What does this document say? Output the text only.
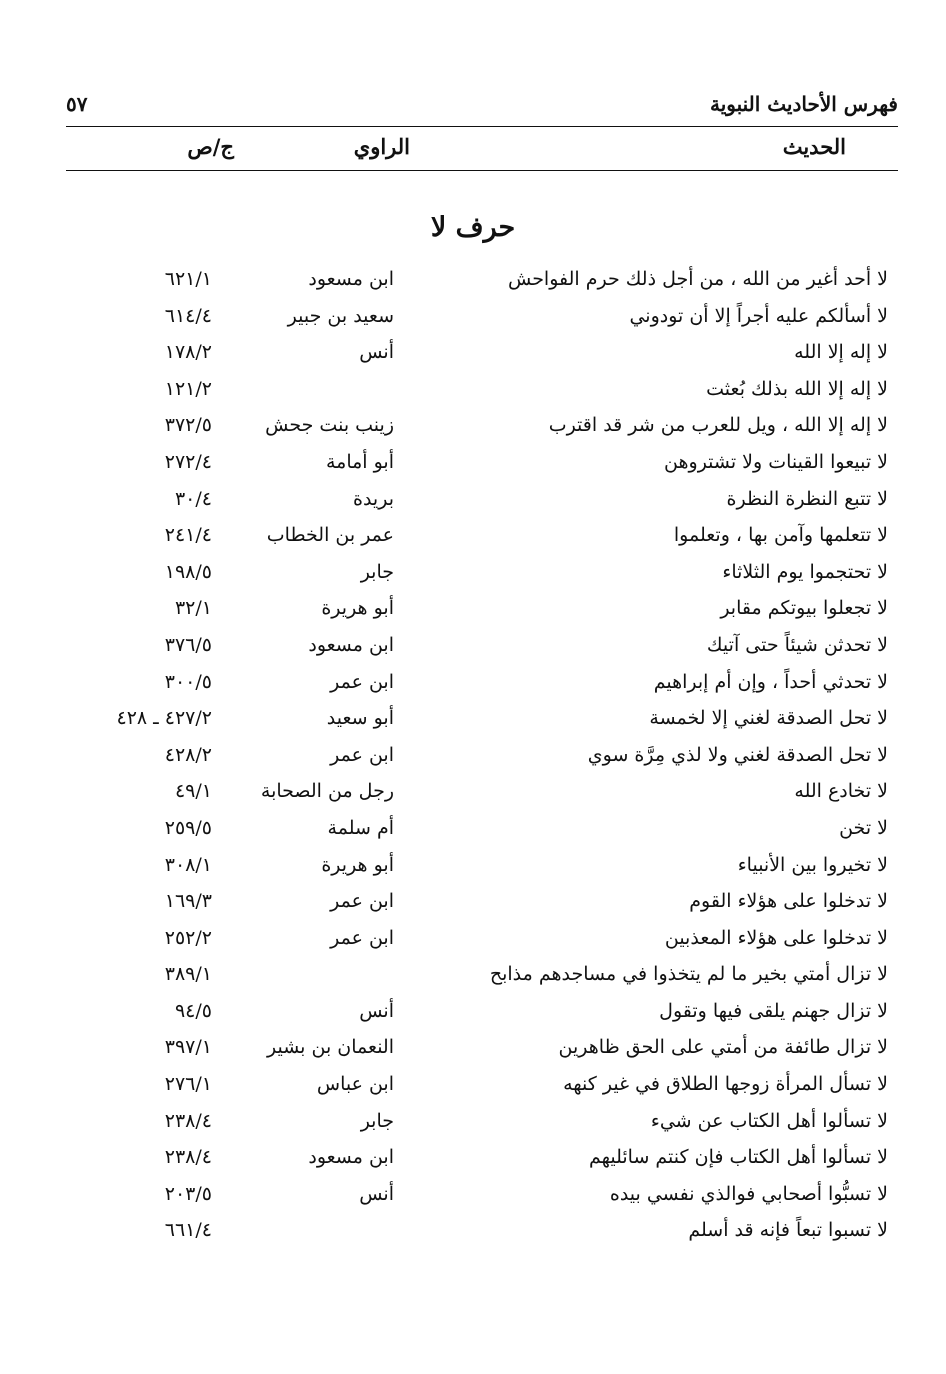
فهرس الأحاديث النبوية
٥٧
الحديث
الراوي
ج/ص
حرف لا
لا أحد أغير من الله ، من أجل ذلك حرم الفواحش
ابن مسعود
٦٢١/١
لا أسألكم عليه أجراً إلا أن تودوني
سعيد بن جبير
٦١٤/٤
لا إله إلا الله
أنس
١٧٨/٢
لا إله إلا الله بذلك بُعثت
١٢١/٢
لا إله إلا الله ، ويل للعرب من شر قد اقترب
زينب بنت جحش
٣٧٢/٥
لا تبيعوا القينات ولا تشتروهن
أبو أمامة
٢٧٢/٤
لا تتبع النظرة النظرة
بريدة
٣٠/٤
لا تتعلمها وآمن بها ، وتعلموا
عمر بن الخطاب
٢٤١/٤
لا تحتجموا يوم الثلاثاء
جابر
١٩٨/٥
لا تجعلوا بيوتكم مقابر
أبو هريرة
٣٢/١
لا تحدثن شيئاً حتى آتيك
ابن مسعود
٣٧٦/٥
لا تحدثي أحداً ، وإن أم إبراهيم
ابن عمر
٣٠٠/٥
لا تحل الصدقة لغني إلا لخمسة
أبو سعيد
٤٢٧/٢ ـ ٤٢٨
لا تحل الصدقة لغني ولا لذي مِرَّة سوي
ابن عمر
٤٢٨/٢
لا تخادع الله
رجل من الصحابة
٤٩/١
لا تخن
أم سلمة
٢٥٩/٥
لا تخيروا بين الأنبياء
أبو هريرة
٣٠٨/١
لا تدخلوا على هؤلاء القوم
ابن عمر
١٦٩/٣
لا تدخلوا على هؤلاء المعذبين
ابن عمر
٢٥٢/٢
لا تزال أمتي بخير ما لم يتخذوا في مساجدهم مذابح
٣٨٩/١
لا تزال جهنم يلقى فيها وتقول
أنس
٩٤/٥
لا تزال طائفة من أمتي على الحق ظاهرين
النعمان بن بشير
٣٩٧/١
لا تسأل المرأة زوجها الطلاق في غير كنهه
ابن عباس
٢٧٦/١
لا تسألوا أهل الكتاب عن شيء
جابر
٢٣٨/٤
لا تسألوا أهل الكتاب فإن كنتم سائليهم
ابن مسعود
٢٣٨/٤
لا تسبُّوا أصحابي فوالذي نفسي بيده
أنس
٢٠٣/٥
لا تسبوا تبعاً فإنه قد أسلم
٦٦١/٤
